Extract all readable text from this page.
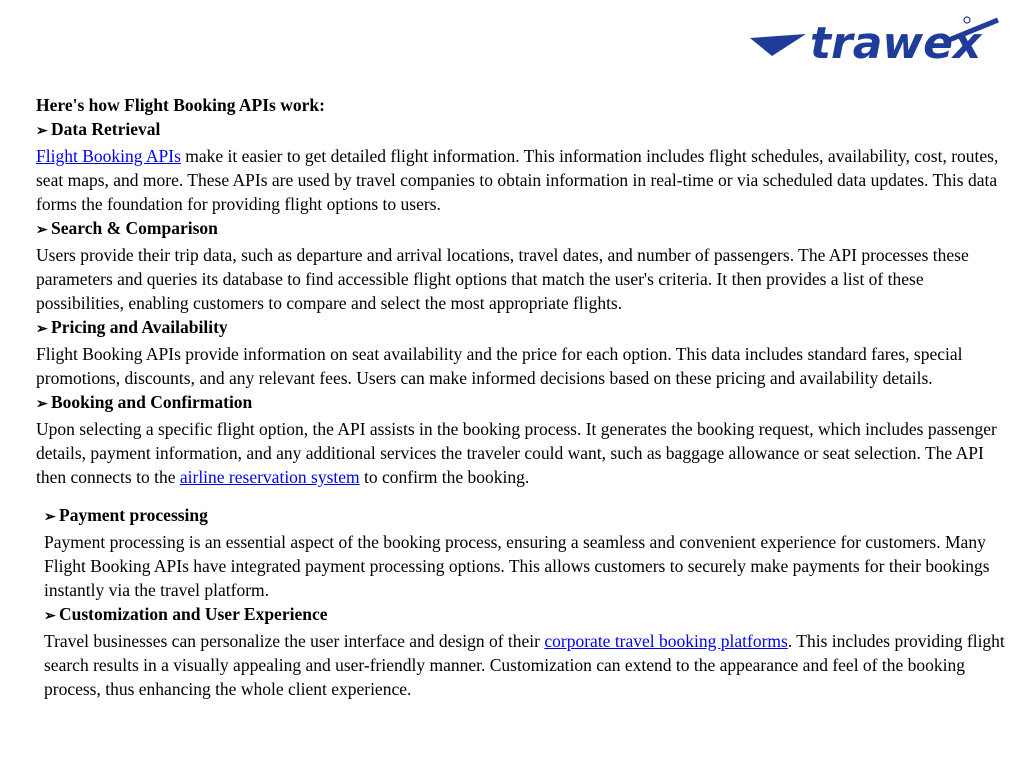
trawex

Here's how Flight Booking APIs work:

➢ Data Retrieval

Flight Booking APIs make it easier to get detailed flight information. This information includes flight schedules, availability, cost, routes, seat maps, and more. These APIs are used by travel companies to obtain information in real-time or via scheduled data updates. This data forms the foundation for providing flight options to users.

➢ Search & Comparison

Users provide their trip data, such as departure and arrival locations, travel dates, and number of passengers. The API processes these parameters and queries its database to find accessible flight options that match the user's criteria. It then provides a list of these possibilities, enabling customers to compare and select the most appropriate flights.

➢ Pricing and Availability

Flight Booking APIs provide information on seat availability and the price for each option. This data includes standard fares, special promotions, discounts, and any relevant fees. Users can make informed decisions based on these pricing and availability details.

➢ Booking and Confirmation

Upon selecting a specific flight option, the API assists in the booking process. It generates the booking request, which includes passenger details, payment information, and any additional services the traveler could want, such as baggage allowance or seat selection. The API then connects to the airline reservation system to confirm the booking.

➢ Payment processing

Payment processing is an essential aspect of the booking process, ensuring a seamless and convenient experience for customers. Many Flight Booking APIs have integrated payment processing options. This allows customers to securely make payments for their bookings instantly via the travel platform.

➢ Customization and User Experience

Travel businesses can personalize the user interface and design of their corporate travel booking platforms. This includes providing flight search results in a visually appealing and user-friendly manner. Customization can extend to the appearance and feel of the booking process, thus enhancing the whole client experience.
